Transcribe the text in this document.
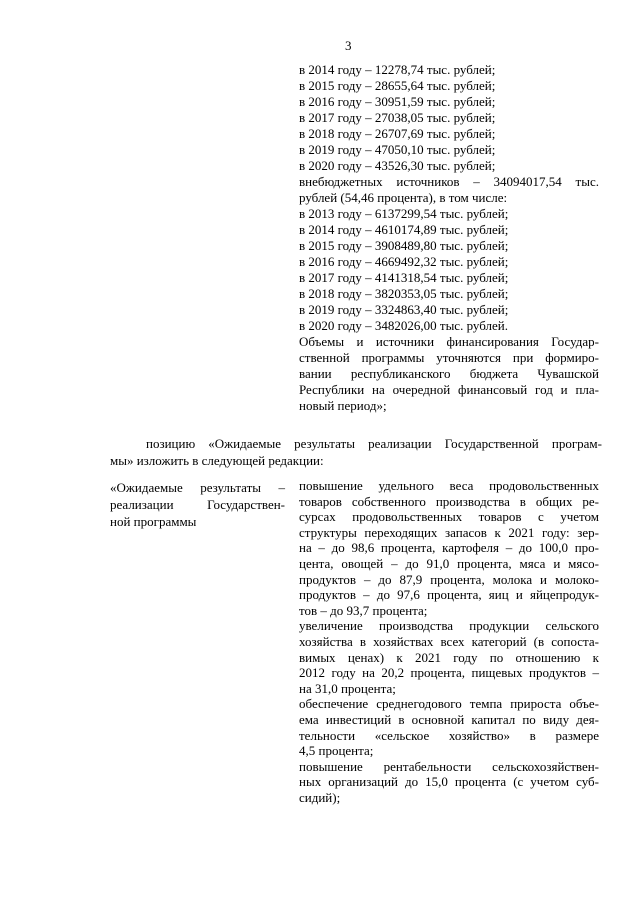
3
в 2014 году – 12278,74 тыс. рублей;
в 2015 году – 28655,64 тыс. рублей;
в 2016 году – 30951,59 тыс. рублей;
в 2017 году – 27038,05 тыс. рублей;
в 2018 году – 26707,69 тыс. рублей;
в 2019 году – 47050,10 тыс. рублей;
в 2020 году – 43526,30 тыс. рублей;
внебюджетных источников – 34094017,54 тыс.
рублей (54,46 процента), в том числе:
в 2013 году – 6137299,54 тыс. рублей;
в 2014 году – 4610174,89 тыс. рублей;
в 2015 году – 3908489,80 тыс. рублей;
в 2016 году – 4669492,32 тыс. рублей;
в 2017 году – 4141318,54 тыс. рублей;
в 2018 году – 3820353,05 тыс. рублей;
в 2019 году – 3324863,40 тыс. рублей;
в 2020 году – 3482026,00 тыс. рублей.
Объемы и источники финансирования Государ-
ственной программы уточняются при формиро-
вании республиканского бюджета Чувашской
Республики на очередной финансовый год и пла-
новый период»;
позицию «Ожидаемые результаты реализации Государственной програм-
мы» изложить в следующей редакции:
«Ожидаемые результаты –
реализации Государствен-
ной программы
повышение удельного веса продовольственных
товаров собственного производства в общих ре-
сурсах продовольственных товаров с учетом
структуры переходящих запасов к 2021 году: зер-
на – до 98,6 процента, картофеля – до 100,0 про-
цента, овощей – до 91,0 процента, мяса и мясо-
продуктов – до 87,9 процента, молока и молоко-
продуктов – до 97,6 процента, яиц и яйцепродук-
тов – до 93,7 процента;
увеличение производства продукции сельского
хозяйства в хозяйствах всех категорий (в сопоста-
вимых ценах) к 2021 году по отношению к
2012 году на 20,2 процента, пищевых продуктов –
на 31,0 процента;
обеспечение среднегодового темпа прироста объе-
ема инвестиций в основной капитал по виду дея-
тельности «сельское хозяйство» в размере
4,5 процента;
повышение рентабельности сельскохозяйствен-
ных организаций до 15,0 процента (с учетом суб-
сидий);
